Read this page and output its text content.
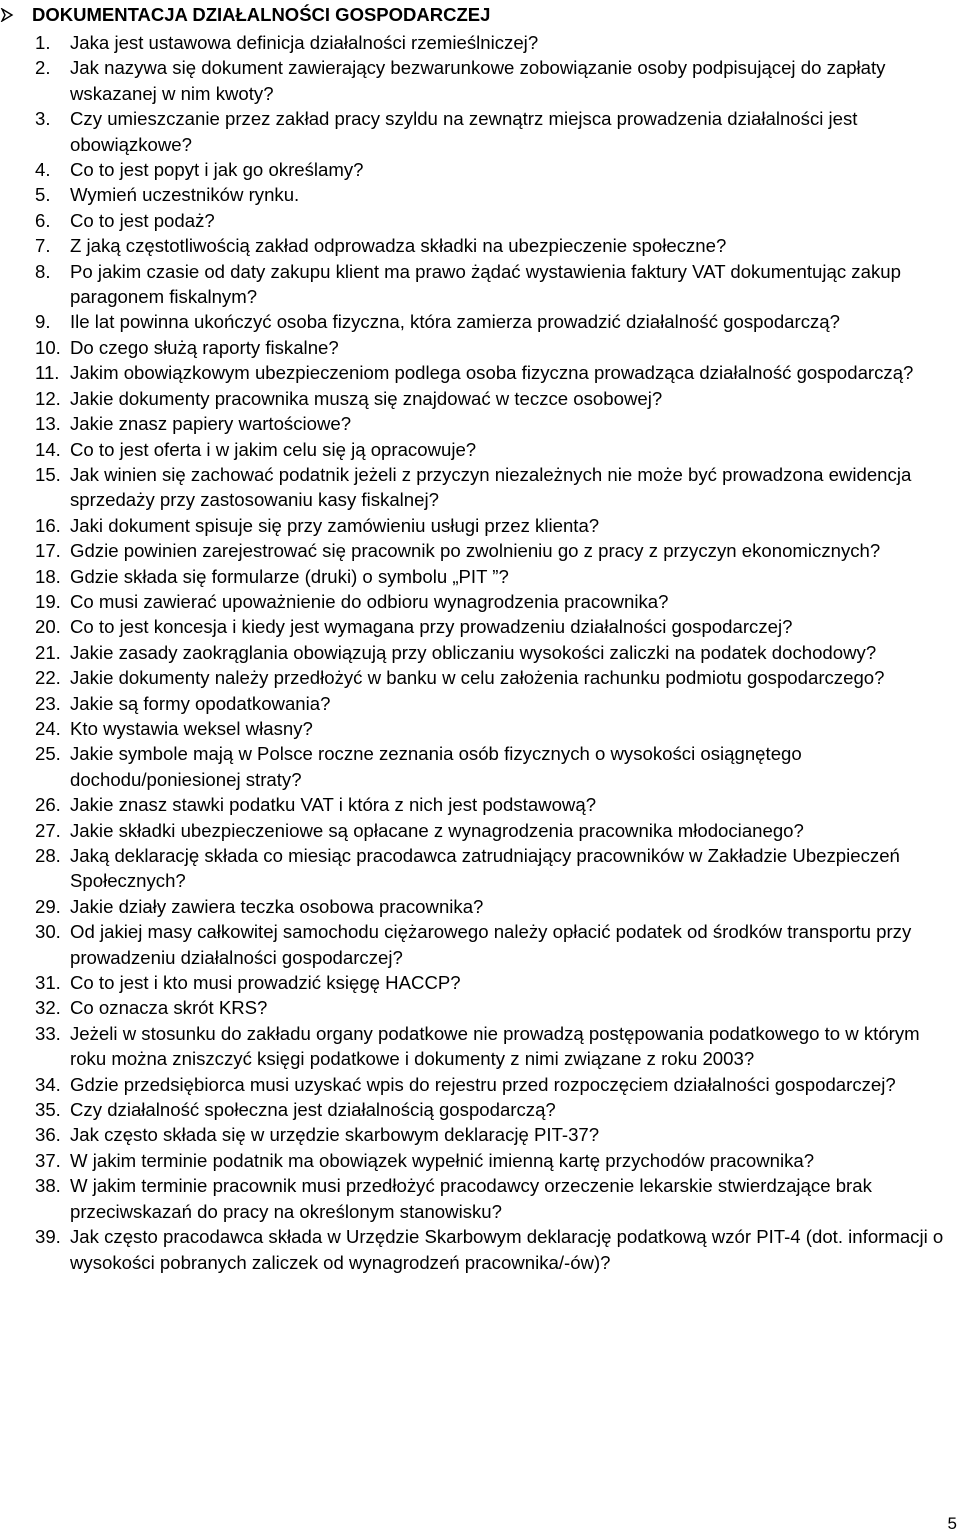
DOKUMENTACJA DZIAŁALNOŚCI GOSPODARCZEJ
1. Jaka jest ustawowa definicja działalności rzemieślniczej?
2. Jak nazywa się dokument zawierający bezwarunkowe zobowiązanie osoby podpisującej do zapłaty wskazanej w nim kwoty?
3. Czy umieszczanie przez zakład pracy szyldu na zewnątrz miejsca prowadzenia działalności jest obowiązkowe?
4. Co to jest popyt i jak go określamy?
5. Wymień uczestników rynku.
6. Co to jest podaż?
7. Z jaką częstotliwością zakład odprowadza składki na ubezpieczenie społeczne?
8. Po jakim czasie od daty zakupu klient ma prawo żądać wystawienia faktury VAT dokumentując zakup paragonem fiskalnym?
9. Ile lat powinna ukończyć osoba fizyczna, która zamierza prowadzić działalność gospodarczą?
10. Do czego służą raporty fiskalne?
11. Jakim obowiązkowym ubezpieczeniom podlega osoba fizyczna prowadząca działalność gospodarczą?
12. Jakie dokumenty pracownika muszą się znajdować w teczce osobowej?
13. Jakie znasz papiery wartościowe?
14. Co to jest oferta i w jakim celu się ją opracowuje?
15. Jak winien się zachować podatnik jeżeli z przyczyn niezależnych nie może być prowadzona ewidencja sprzedaży przy zastosowaniu kasy fiskalnej?
16. Jaki dokument spisuje się przy zamówieniu usługi przez klienta?
17. Gdzie powinien zarejestrować się pracownik po zwolnieniu go z pracy z przyczyn ekonomicznych?
18. Gdzie składa się formularze (druki) o symbolu „PIT ”?
19. Co musi zawierać upoważnienie do odbioru wynagrodzenia pracownika?
20. Co to jest koncesja i kiedy jest wymagana przy prowadzeniu działalności gospodarczej?
21. Jakie zasady zaokrąglania obowiązują przy obliczaniu wysokości zaliczki na podatek dochodowy?
22. Jakie dokumenty należy przedłożyć w banku w celu założenia rachunku podmiotu gospodarczego?
23. Jakie są formy opodatkowania?
24. Kto wystawia weksel własny?
25. Jakie symbole mają w Polsce roczne zeznania osób fizycznych o wysokości osiągnętego dochodu/poniesionej straty?
26. Jakie znasz stawki podatku VAT i która z nich jest podstawową?
27. Jakie składki ubezpieczeniowe są opłacane z wynagrodzenia pracownika młodocianego?
28. Jaką deklarację składa co miesiąc pracodawca zatrudniający pracowników w Zakładzie Ubezpieczeń Społecznych?
29. Jakie działy zawiera teczka osobowa pracownika?
30. Od jakiej masy całkowitej samochodu ciężarowego należy opłacić podatek od środków transportu przy prowadzeniu działalności gospodarczej?
31. Co to jest i kto musi prowadzić księgę HACCP?
32. Co oznacza skrót KRS?
33. Jeżeli w stosunku do zakładu organy podatkowe nie prowadzą postępowania podatkowego to w którym roku można zniszczyć księgi podatkowe i dokumenty z nimi związane z roku 2003?
34. Gdzie przedsiębiorca musi uzyskać wpis do rejestru przed rozpoczęciem działalności gospodarczej?
35. Czy działalność społeczna jest działalnością gospodarczą?
36. Jak często składa się w urzędzie skarbowym deklarację PIT-37?
37. W jakim terminie podatnik ma obowiązek wypełnić imienną kartę przychodów pracownika?
38. W jakim terminie pracownik musi przedłożyć pracodawcy orzeczenie lekarskie stwierdzające brak przeciwskazań do pracy na określonym stanowisku?
39. Jak często pracodawca składa w Urzędzie Skarbowym deklarację podatkową wzór PIT-4 (dot. informacji o wysokości pobranych zaliczek od wynagrodzeń pracownika/-ów)?
5
